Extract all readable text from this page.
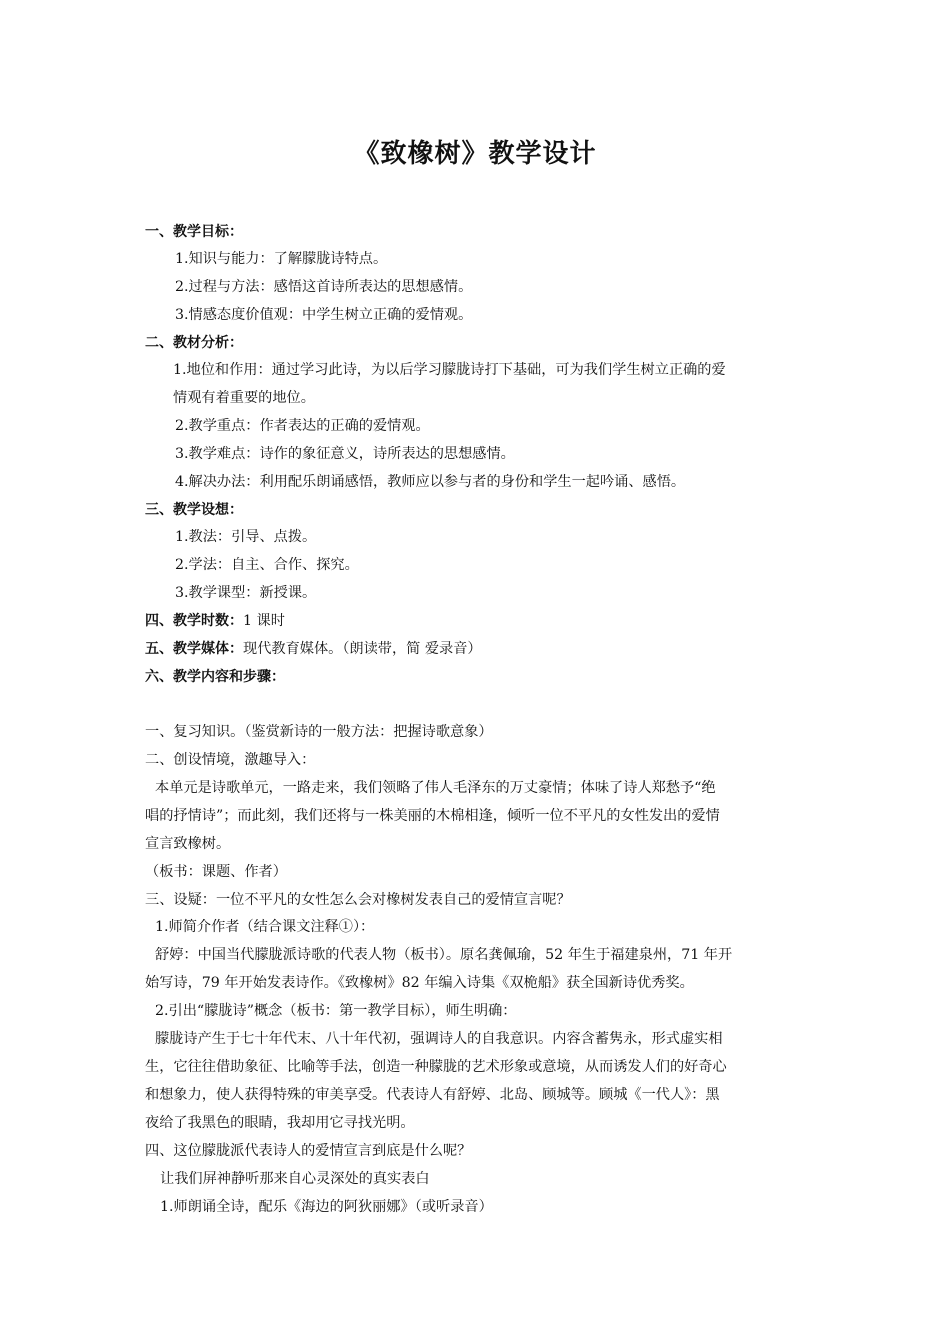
《致橡树》教学设计
一、教学目标：
1.知识与能力：了解朦胧诗特点。
2.过程与方法：感悟这首诗所表达的思想感情。
3.情感态度价值观：中学生树立正确的爱情观。
二、教材分析：
1.地位和作用：通过学习此诗，为以后学习朦胧诗打下基础，可为我们学生树立正确的爱
情观有着重要的地位。
2.教学重点：作者表达的正确的爱情观。
3.教学难点：诗作的象征意义，诗所表达的思想感情。
4.解决办法：利用配乐朗诵感悟，教师应以参与者的身份和学生一起吟诵、感悟。
三、教学设想：
1.教法：引导、点拨。
2.学法：自主、合作、探究。
3.教学课型：新授课。
四、教学时数：1 课时
五、教学媒体：现代教育媒体。（朗读带，简 爱录音）
六、教学内容和步骤：
一、复习知识。（鉴赏新诗的一般方法：把握诗歌意象）
二、创设情境，激趣导入：
本单元是诗歌单元，一路走来，我们领略了伟人毛泽东的万丈豪情；体味了诗人郑愁予“绝
唱的抒情诗”；而此刻，我们还将与一株美丽的木棉相逢，倾听一位不平凡的女性发出的爱情
宣言致橡树。
（板书：课题、作者）
三、设疑：一位不平凡的女性怎么会对橡树发表自己的爱情宣言呢？
1.师简介作者（结合课文注释①）：
舒婷：中国当代朦胧派诗歌的代表人物（板书）。原名龚佩瑜，52 年生于福建泉州，71 年开
始写诗，79 年开始发表诗作。《致橡树》82 年编入诗集《双桅船》获全国新诗优秀奖。
2.引出“朦胧诗”概念（板书：第一教学目标），师生明确：
朦胧诗产生于七十年代末、八十年代初，强调诗人的自我意识。内容含蓄隽永，形式虚实相
生，它往往借助象征、比喻等手法，创造一种朦胧的艺术形象或意境，从而诱发人们的好奇心
和想象力，使人获得特殊的审美享受。代表诗人有舒婷、北岛、顾城等。顾城《一代人》：黑
夜给了我黑色的眼睛，我却用它寻找光明。
四、这位朦胧派代表诗人的爱情宣言到底是什么呢？
让我们屏神静听那来自心灵深处的真实表白
1.师朗诵全诗，配乐《海边的阿狄丽娜》（或听录音）
